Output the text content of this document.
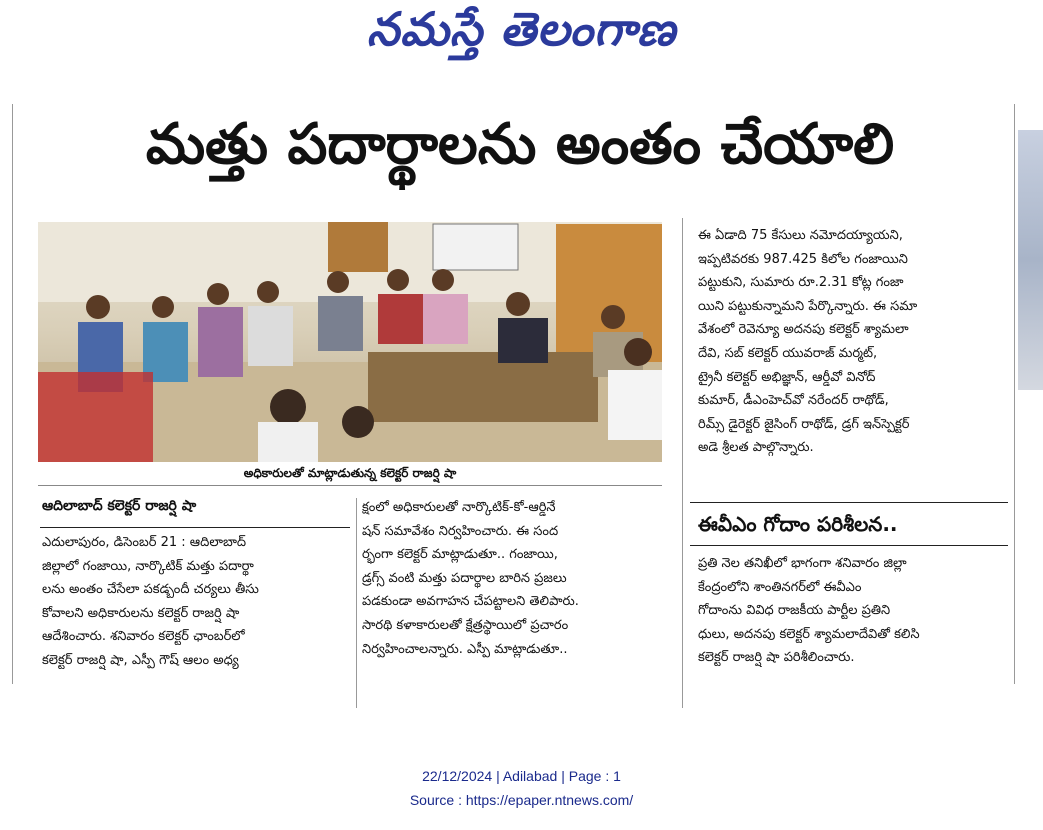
నమస్తే తెలంగాణ
మత్తు పదార్థాలను అంతం చేయాలి
అధికారులతో మాట్లాడుతున్న కలెక్టర్ రాజర్షి షా
ఆదిలాబాద్ కలెక్టర్ రాజర్షి షా
ఎదులాపురం, డిసెంబర్ 21 : ఆదిలాబాద్
జిల్లాలో గంజాయి, నార్కొటిక్ మత్తు పదార్థా
లను అంతం చేసేలా పకడ్బందీ చర్యలు తీసు
కోవాలని అధికారులను కలెక్టర్ రాజర్షి షా
ఆదేశించారు. శనివారం కలెక్టర్ ఛాంబర్‌లో
కలెక్టర్ రాజర్షి షా, ఎస్పీ గౌష్ ఆలం అధ్య
క్షంలో అధికారులతో నార్కొటిక్-కో-ఆర్డినే
షన్ సమావేశం నిర్వహించారు. ఈ సంద
ర్భంగా కలెక్టర్ మాట్లాడుతూ.. గంజాయి,
డ్రగ్స్ వంటి మత్తు పదార్థాల బారిన ప్రజలు
పడకుండా అవగాహన చేపట్టాలని తెలిపారు.
సారథి కళాకారులతో క్షేత్రస్థాయిలో ప్రచారం
నిర్వహించాలన్నారు. ఎస్పీ మాట్లాడుతూ..
ఈ ఏడాది 75 కేసులు నమోదయ్యాయని,
ఇప్పటివరకు 987.425 కిలోల గంజాయిని
పట్టుకుని, సుమారు రూ.2.31 కోట్ల గంజా
యిని పట్టుకున్నామని పేర్కొన్నారు. ఈ సమా
వేశంలో రెవెన్యూ అదనపు కలెక్టర్ శ్యామలా
దేవి, సబ్ కలెక్టర్ యువరాజ్ మర్మట్,
ట్రైనీ కలెక్టర్ అభిజ్ఞాన్, ఆర్డీవో వినోద్
కుమార్, డీఎంహెచ్‌వో నరేందర్ రాథోడ్,
రిమ్స్ డైరెక్టర్ జైసింగ్ రాథోడ్, డ్రగ్ ఇన్‌స్పెక్టర్
అడె శ్రీలత పాల్గొన్నారు.
ఈవీఎం గోదాం పరిశీలన..
ప్రతి నెల తనిఖీలో భాగంగా శనివారం జిల్లా
కేంద్రంలోని శాంతినగర్‌లో ఈవీఎం
గోదాంను వివిధ రాజకీయ పార్టీల ప్రతిని
ధులు, అదనపు కలెక్టర్ శ్యామలాదేవితో కలిసి
కలెక్టర్ రాజర్షి షా పరిశీలించారు.
22/12/2024 | Adilabad | Page : 1
Source : https://epaper.ntnews.com/
